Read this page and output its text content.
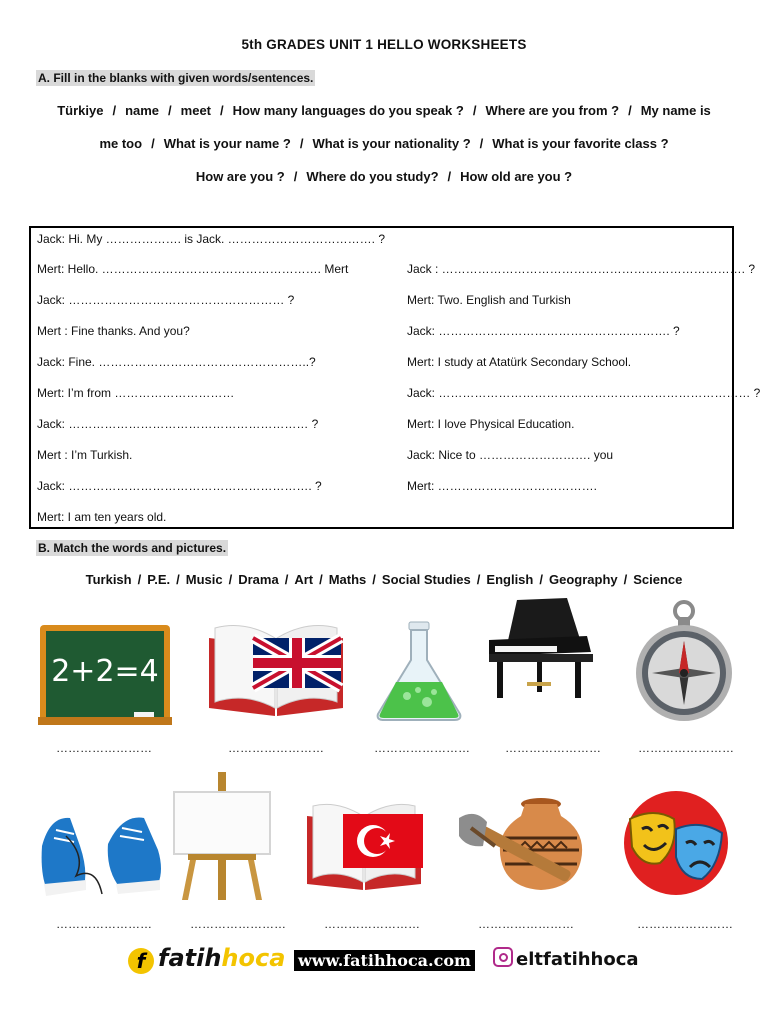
5th GRADES UNIT 1 HELLO WORKSHEETS
A. Fill in the blanks with given words/sentences.
Türkiye / name / meet / How many languages do you speak ? / Where are you from ? / My name is
me too / What is your name ? / What is your nationality ? / What is your favorite class ?
How are you ? / Where do you study? / How old are you ?
Jack: Hi. My ………………. is Jack. ………………………………. ?
Mert: Hello. ………………………………………………. Mert
Jack: ……………………………………………… ?
Mert : Fine thanks. And you?
Jack: Fine. ……………………………………………..?
Mert: I’m from …………………………
Jack: …………………………………………………… ?
Mert : I’m Turkish.
Jack: ……………………………………………………. ?
Mert: I am ten years old.
Jack : …………………………………………………………………. ?
Mert: Two. English and Turkish
Jack: …………………………………………………. ?
Mert: I study at Atatürk Secondary School.
Jack: …………………………………………………………………… ?
Mert: I love Physical Education.
Jack: Nice to ………………………. you
Mert: ………………………………….
B. Match the words and pictures.
Turkish / P.E. / Music / Drama / Art / Maths / Social Studies / English / Geography / Science
2+2=4
……………………	……………………	……………………	……………………	……………………
……………………	……………………	……………………	……………………	……………………
f fatihhoca www.fatihhoca.com	eltfatihhoca
